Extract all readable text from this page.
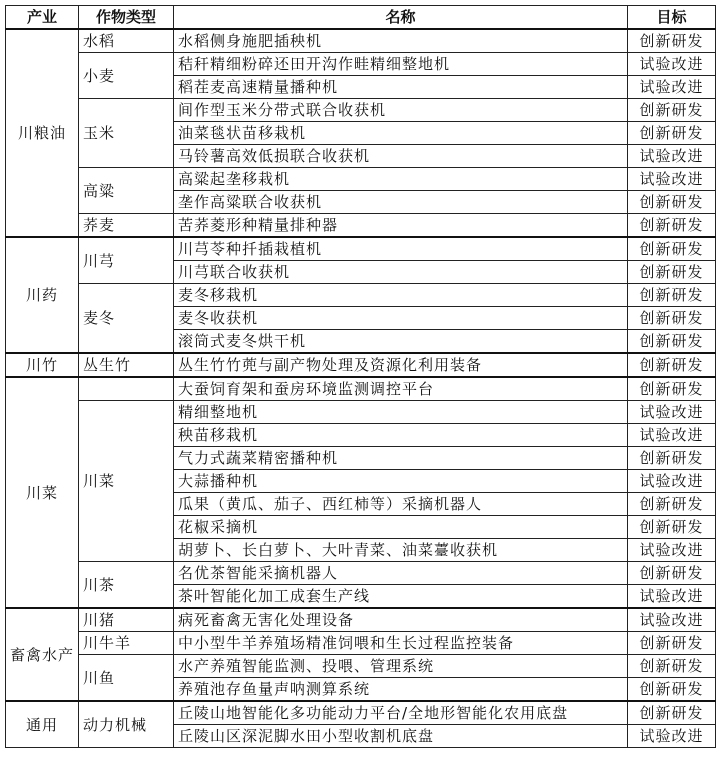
产业	作物类型	名称	目标
川粮油	水稻	水稻侧身施肥插秧机	创新研发
	小麦	秸秆精细粉碎还田开沟作畦精细整地机	试验改进
		稻茬麦高速精量播种机	试验改进
	玉米	间作型玉米分带式联合收获机	创新研发
		油菜毯状苗移栽机	创新研发
		马铃薯高效低损联合收获机	试验改进
	高粱	高粱起垄移栽机	试验改进
		垄作高粱联合收获机	创新研发
	荞麦	苦荞菱形种精量排种器	创新研发
川药	川芎	川芎苓种扦插栽植机	创新研发
		川芎联合收获机	创新研发
	麦冬	麦冬移栽机	创新研发
		麦冬收获机	创新研发
		滚筒式麦冬烘干机	创新研发
川竹	丛生竹	丛生竹竹蔸与副产物处理及资源化利用装备	创新研发
川菜		大蚕饲育架和蚕房环境监测调控平台	创新研发
	川菜	精细整地机	试验改进
		秧苗移栽机	试验改进
		气力式蔬菜精密播种机	创新研发
		大蒜播种机	试验改进
		瓜果（黄瓜、茄子、西红柿等）采摘机器人	创新研发
		花椒采摘机	创新研发
		胡萝卜、长白萝卜、大叶青菜、油菜薹收获机	试验改进
	川茶	名优茶智能采摘机器人	创新研发
		茶叶智能化加工成套生产线	试验改进
畜禽水产	川猪	病死畜禽无害化处理设备	试验改进
	川牛羊	中小型牛羊养殖场精准饲喂和生长过程监控装备	创新研发
	川鱼	水产养殖智能监测、投喂、管理系统	创新研发
		养殖池存鱼量声呐测算系统	创新研发
通用	动力机械	丘陵山地智能化多功能动力平台/全地形智能化农用底盘	创新研发
		丘陵山区深泥脚水田小型收割机底盘	试验改进
